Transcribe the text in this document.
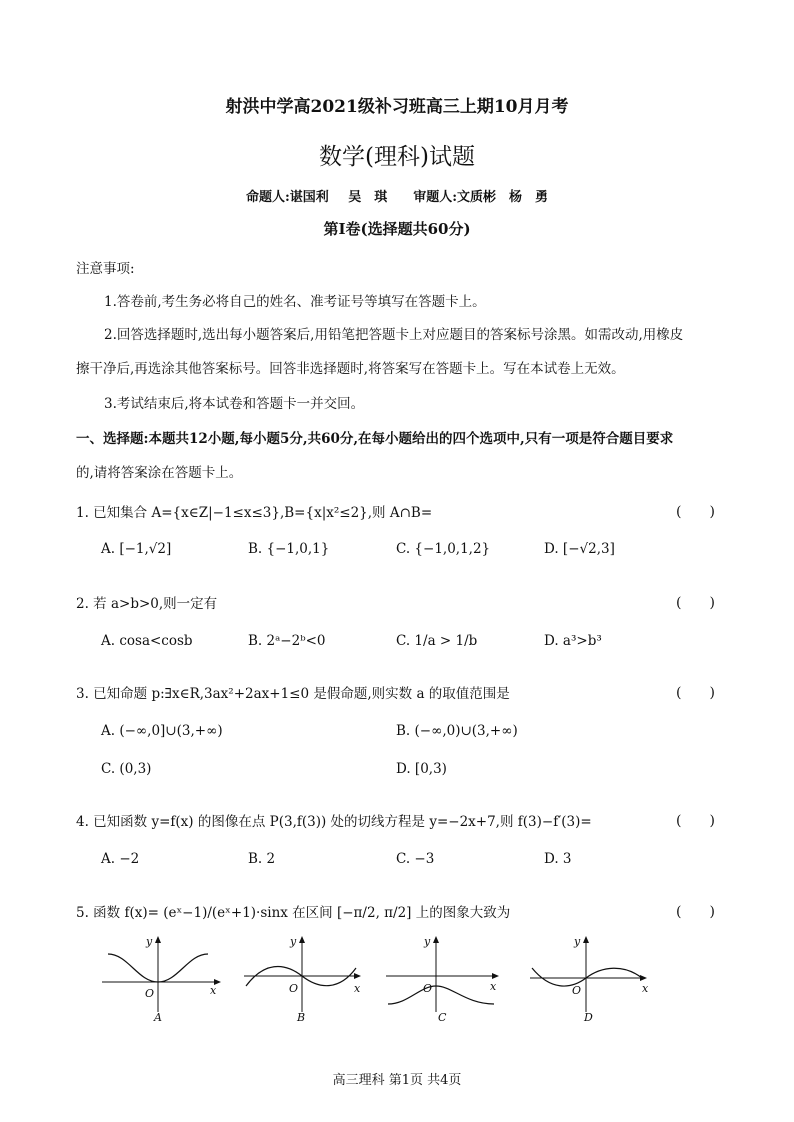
射洪中学高2021级补习班高三上期10月月考
数学(理科)试题
命题人:谌国利　 吴　琪　　审题人:文质彬　杨　勇
第Ⅰ卷(选择题共60分)
注意事项:
1.答卷前,考生务必将自己的姓名、准考证号等填写在答题卡上。
2.回答选择题时,选出每小题答案后,用铅笔把答题卡上对应题目的答案标号涂黑。如需改动,用橡皮
擦干净后,再选涂其他答案标号。回答非选择题时,将答案写在答题卡上。写在本试卷上无效。
3.考试结束后,将本试卷和答题卡一并交回。
一、选择题:本题共12小题,每小题5分,共60分,在每小题给出的四个选项中,只有一项是符合题目要求
的,请将答案涂在答题卡上。
1. 已知集合 A={x∈Z|−1≤x≤3},B={x|x²≤2},则 A∩B=	(　　)
A. [−1,√2]	B. {−1,0,1}	C. {−1,0,1,2}	D. [−√2,3]
2. 若 a>b>0,则一定有	(　　)
A. cosa<cosb	B. 2ᵃ−2ᵇ<0	C. 1/a > 1/b	D. a³>b³
3. 已知命题 p:∃x∈R,3ax²+2ax+1≤0 是假命题,则实数 a 的取值范围是	(　　)
A. (−∞,0]∪(3,+∞)	B. (−∞,0)∪(3,+∞)
C. (0,3)	D. [0,3)
4. 已知函数 y=f(x) 的图像在点 P(3,f(3)) 处的切线方程是 y=−2x+7,则 f(3)−f′(3)=	(　　)
A. −2	B. 2	C. −3	D. 3
5. 函数 f(x)= (eˣ−1)/(eˣ+1)·sinx 在区间 [−π/2, π/2] 上的图象大致为	(　　)
x
y
O
A
x
y
O
B
x
y
O
C
x
y
O
D
高三理科 第1页 共4页
